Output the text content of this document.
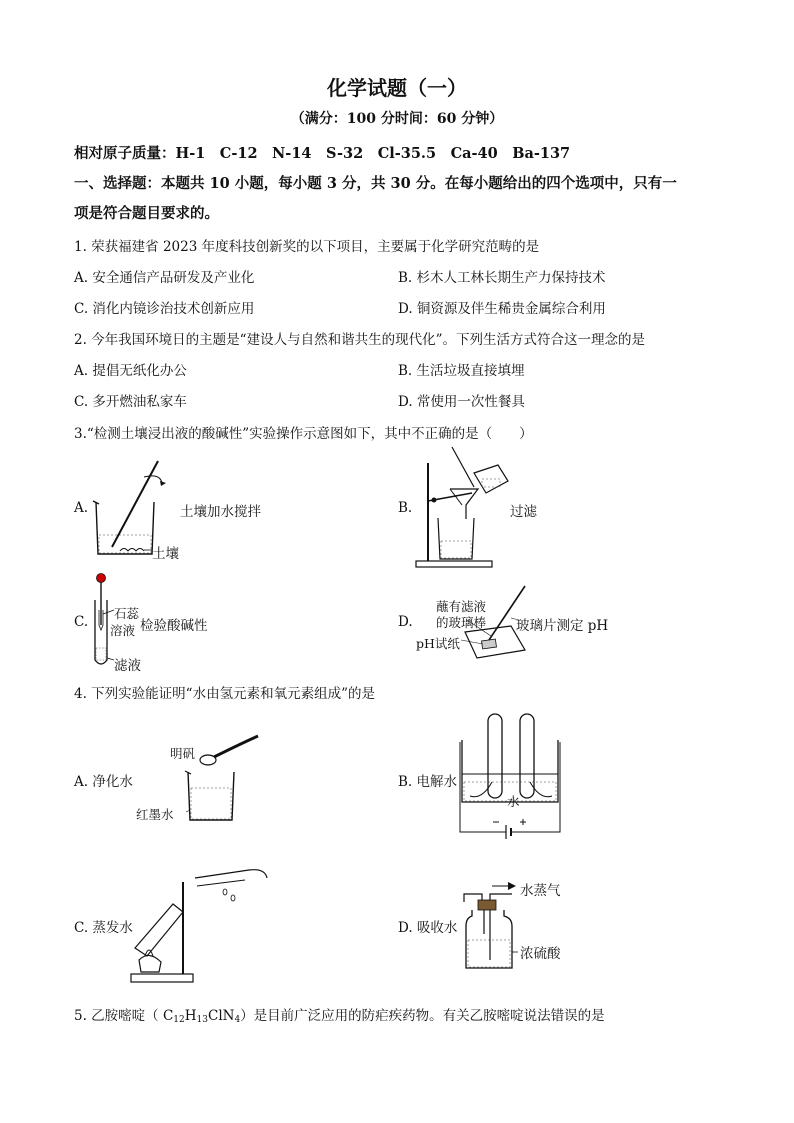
化学试题（一）
（满分：100 分时间：60 分钟）
相对原子质量：H-1　C-12　N-14　S-32　Cl-35.5　Ca-40　Ba-137
一、选择题：本题共 10 小题，每小题 3 分，共 30 分。在每小题给出的四个选项中，只有一
项是符合题目要求的。
1. 荣获福建省 2023 年度科技创新奖的以下项目，主要属于化学研究范畴的是
A. 安全通信产品研发及产业化	B. 杉木人工林长期生产力保持技术
C. 消化内镜诊治技术创新应用	D. 铜资源及伴生稀贵金属综合利用
2. 今年我国环境日的主题是“建设人与自然和谐共生的现代化”。下列生活方式符合这一理念的是
A. 提倡无纸化办公	B. 生活垃圾直接填埋
C. 多开燃油私家车	D. 常使用一次性餐具
3.“检测土壤浸出液的酸碱性”实验操作示意图如下，其中不正确的是（　　）
A.	土壤加水搅拌
土壤
B.	过滤
C.
石蕊
溶液 检验酸碱性
滤液
D.
蘸有滤液
的玻璃棒
pH试纸
玻璃片测定 pH
4. 下列实验能证明“水由氢元素和氧元素组成”的是
A. 净化水
明矾
红墨水
B. 电解水
水
C. 蒸发水	D. 吸收水
水蒸气
浓硫酸
5. 乙胺嘧啶（ $C_{12}H_{13}ClN_4$）是目前广泛应用的防疟疾药物。有关乙胺嘧啶说法错误的是
